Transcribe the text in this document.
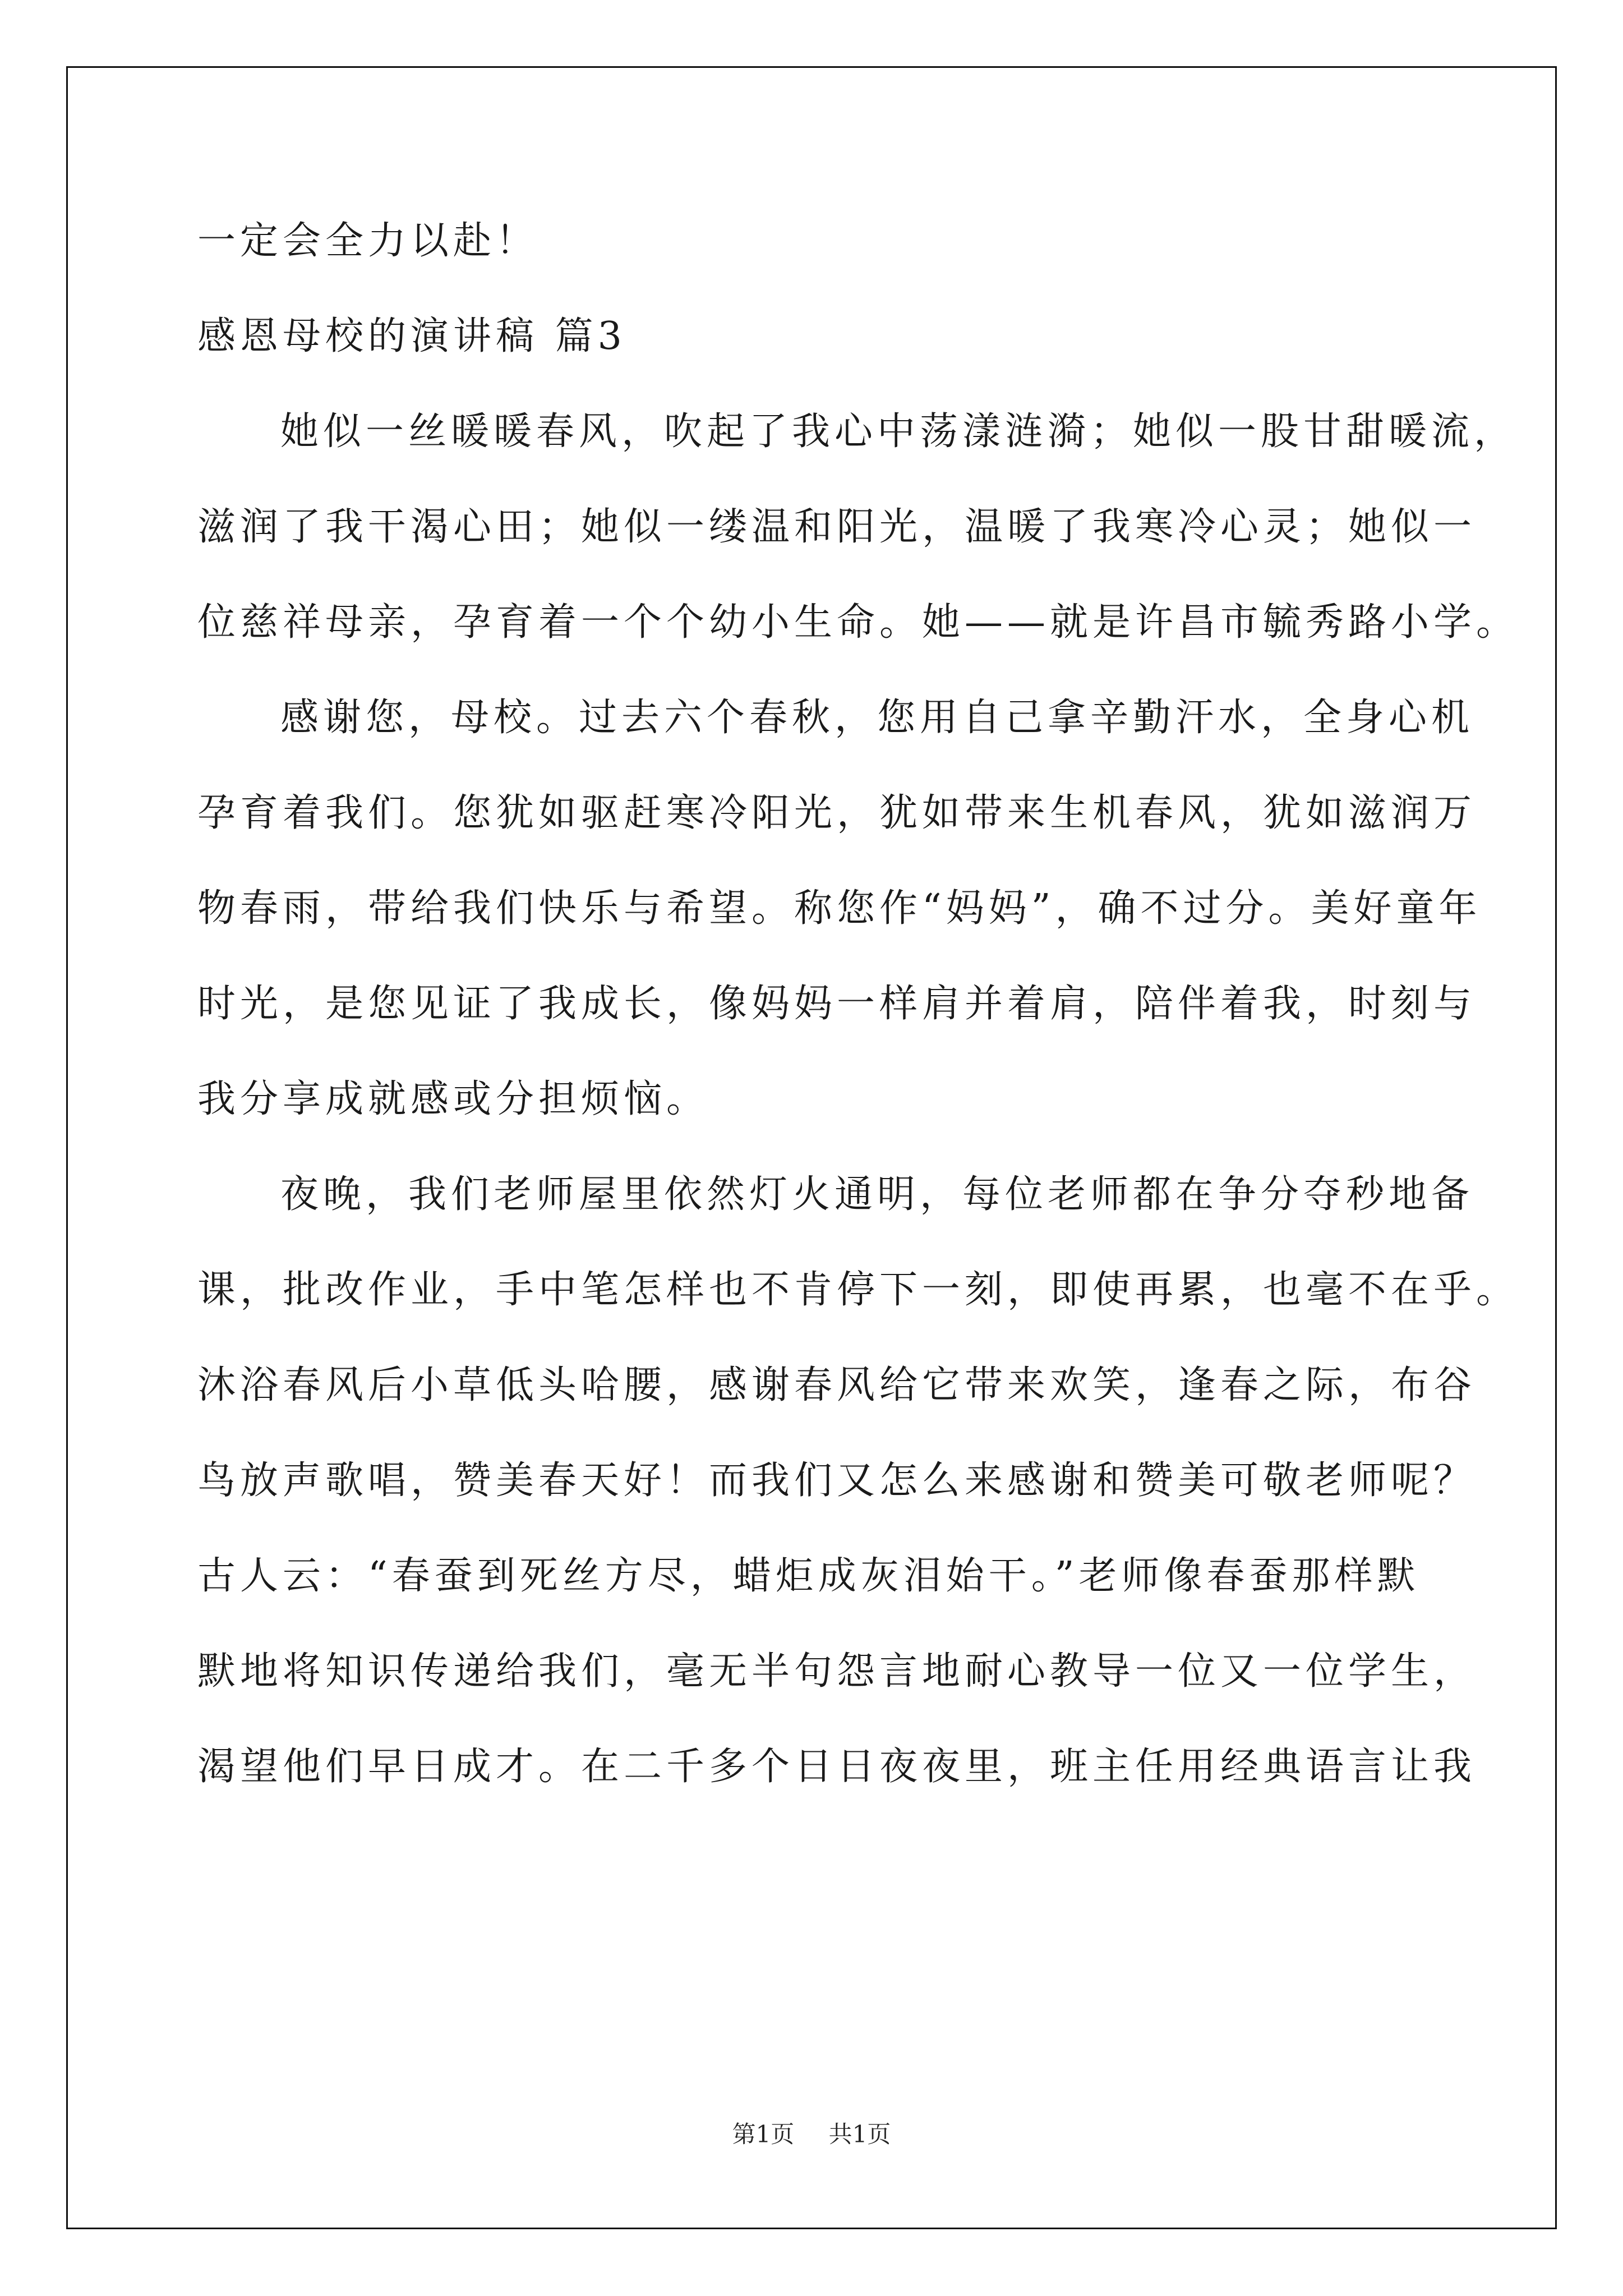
一定会全力以赴！
感恩母校的演讲稿 篇3
她似一丝暖暖春风，吹起了我心中荡漾涟漪；她似一股甘甜暖流，
滋润了我干渴心田；她似一缕温和阳光，温暖了我寒冷心灵；她似一
位慈祥母亲，孕育着一个个幼小生命。她——就是许昌市毓秀路小学。
感谢您，母校。过去六个春秋，您用自己拿辛勤汗水，全身心机
孕育着我们。您犹如驱赶寒冷阳光，犹如带来生机春风，犹如滋润万
物春雨，带给我们快乐与希望。称您作“妈妈”，确不过分。美好童年
时光，是您见证了我成长，像妈妈一样肩并着肩，陪伴着我，时刻与
我分享成就感或分担烦恼。
夜晚，我们老师屋里依然灯火通明，每位老师都在争分夺秒地备
课，批改作业，手中笔怎样也不肯停下一刻，即使再累，也毫不在乎。
沐浴春风后小草低头哈腰，感谢春风给它带来欢笑，逢春之际，布谷
鸟放声歌唱，赞美春天好！而我们又怎么来感谢和赞美可敬老师呢？
古人云：“春蚕到死丝方尽，蜡炬成灰泪始干。”老师像春蚕那样默
默地将知识传递给我们，毫无半句怨言地耐心教导一位又一位学生，
渴望他们早日成才。在二千多个日日夜夜里，班主任用经典语言让我
第1页 共1页
